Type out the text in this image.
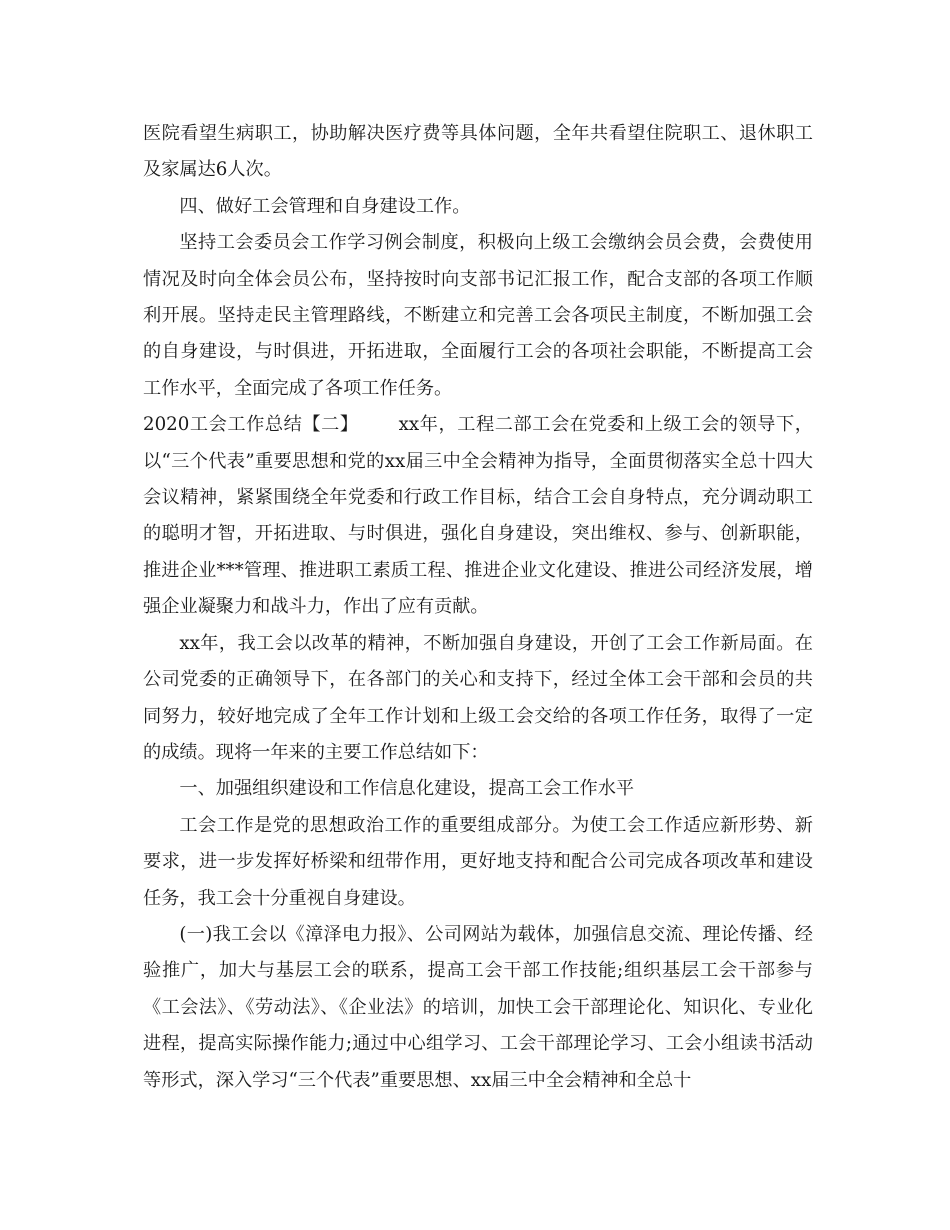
医院看望生病职工，协助解决医疗费等具体问题，全年共看望住院职工、退休职工及家属达6人次。

四、做好工会管理和自身建设工作。

坚持工会委员会工作学习例会制度，积极向上级工会缴纳会员会费，会费使用情况及时向全体会员公布，坚持按时向支部书记汇报工作，配合支部的各项工作顺利开展。坚持走民主管理路线，不断建立和完善工会各项民主制度，不断加强工会的自身建设，与时俱进，开拓进取，全面履行工会的各项社会职能，不断提高工会工作水平，全面完成了各项工作任务。

2020工会工作总结【二】 xx年，工程二部工会在党委和上级工会的领导下，以“三个代表”重要思想和党的xx届三中全会精神为指导，全面贯彻落实全总十四大会议精神，紧紧围绕全年党委和行政工作目标，结合工会自身特点，充分调动职工的聪明才智，开拓进取、与时俱进，强化自身建设，突出维权、参与、创新职能，推进企业***管理、推进职工素质工程、推进企业文化建设、推进公司经济发展，增强企业凝聚力和战斗力，作出了应有贡献。

xx年，我工会以改革的精神，不断加强自身建设，开创了工会工作新局面。在公司党委的正确领导下，在各部门的关心和支持下，经过全体工会干部和会员的共同努力，较好地完成了全年工作计划和上级工会交给的各项工作任务，取得了一定的成绩。现将一年来的主要工作总结如下：

一、加强组织建设和工作信息化建设，提高工会工作水平

工会工作是党的思想政治工作的重要组成部分。为使工会工作适应新形势、新要求，进一步发挥好桥梁和纽带作用，更好地支持和配合公司完成各项改革和建设任务，我工会十分重视自身建设。

(一)我工会以《漳泽电力报》、公司网站为载体，加强信息交流、理论传播、经验推广，加大与基层工会的联系，提高工会干部工作技能;组织基层工会干部参与《工会法》、《劳动法》、《企业法》的培训，加快工会干部理论化、知识化、专业化进程，提高实际操作能力;通过中心组学习、工会干部理论学习、工会小组读书活动等形式，深入学习“三个代表”重要思想、xx届三中全会精神和全总十
